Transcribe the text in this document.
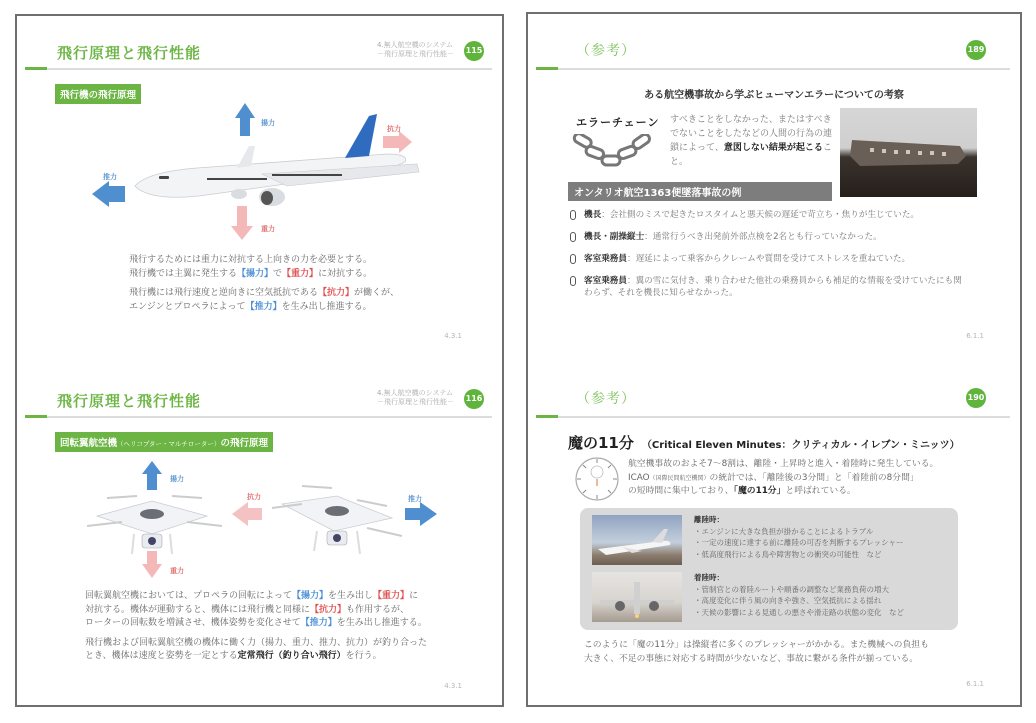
飛行原理と飛行性能	4.無人航空機のシステム
－飛行原理と飛行性能－ 115
飛行機の飛行原理
揚力
抗力
推力
重力

飛行するためには重力に対抗する上向きの力を必要とする。
飛行機では主翼に発生する【揚力】で【重力】に対抗する。

飛行機には飛行速度と逆向きに空気抵抗である【抗力】が働くが、
エンジンとプロペラによって【推力】を生み出し推進する。

4.3.1
飛行原理と飛行性能	4.無人航空機のシステム
－飛行原理と飛行性能－ 116
回転翼航空機（ヘリコプター・マルチローター）の飛行原理
揚力
抗力	推力
重力

回転翼航空機においては、プロペラの回転によって【揚力】を生み出し【重力】に
対抗する。機体が運動すると、機体には飛行機と同様に【抗力】も作用するが、
ローターの回転数を増減させ、機体姿勢を変化させて【推力】を生み出し推進する。

飛行機および回転翼航空機の機体に働く力（揚力、重力、推力、抗力）が釣り合った
とき、機体は速度と姿勢を一定とする定常飛行（釣り合い飛行）を行う。

4.3.1
（参考）	189
ある航空機事故から学ぶヒューマンエラーについての考察
エラーチェーン すべきことをしなかった、またはすべきでないことをしたなどの人間の行為の連鎖によって、意図しない結果が起こること。
オンタリオ航空1363便墜落事故の例
機長：会社側のミスで起きたロスタイムと悪天候の遅延で苛立ち・焦りが生じていた。
機長・副操縦士：通常行うべき出発前外部点検を2名とも行っていなかった。
客室乗務員：遅延によって乗客からクレームや質問を受けてストレスを重ねていた。
客室乗務員：翼の雪に気付き、乗り合わせた他社の乗務員からも補足的な情報を受けていたにも関わらず、それを機長に知らせなかった。
6.1.1
（参考）	190
魔の11分 （Critical Eleven Minutes：クリティカル・イレブン・ミニッツ）
航空機事故のおよそ7～8割は、離陸・上昇時と進入・着陸時に発生している。
ICAO（国際民間航空機関）の統計では、「離陸後の3分間」と「着陸前の8分間」
の短時間に集中しており、「魔の11分」と呼ばれている。
離陸時：
・エンジンに大きな負担が掛かることによるトラブル
・一定の速度に達する前に離陸の可否を判断するプレッシャー
・低高度飛行による鳥や障害物との衝突の可能性　など
着陸時：
・管制官との着陸ルートや順番の調整など業務負荷の増大
・高度変化に伴う風の向きや強さ、空気抵抗による揺れ
・天候の影響による見通しの悪さや滑走路の状態の変化　など
このように「魔の11分」は操縦者に多くのプレッシャーがかかる。また機械への負担も
大きく、不足の事態に対応する時間が少ないなど、事故に繋がる条件が揃っている。
6.1.1
